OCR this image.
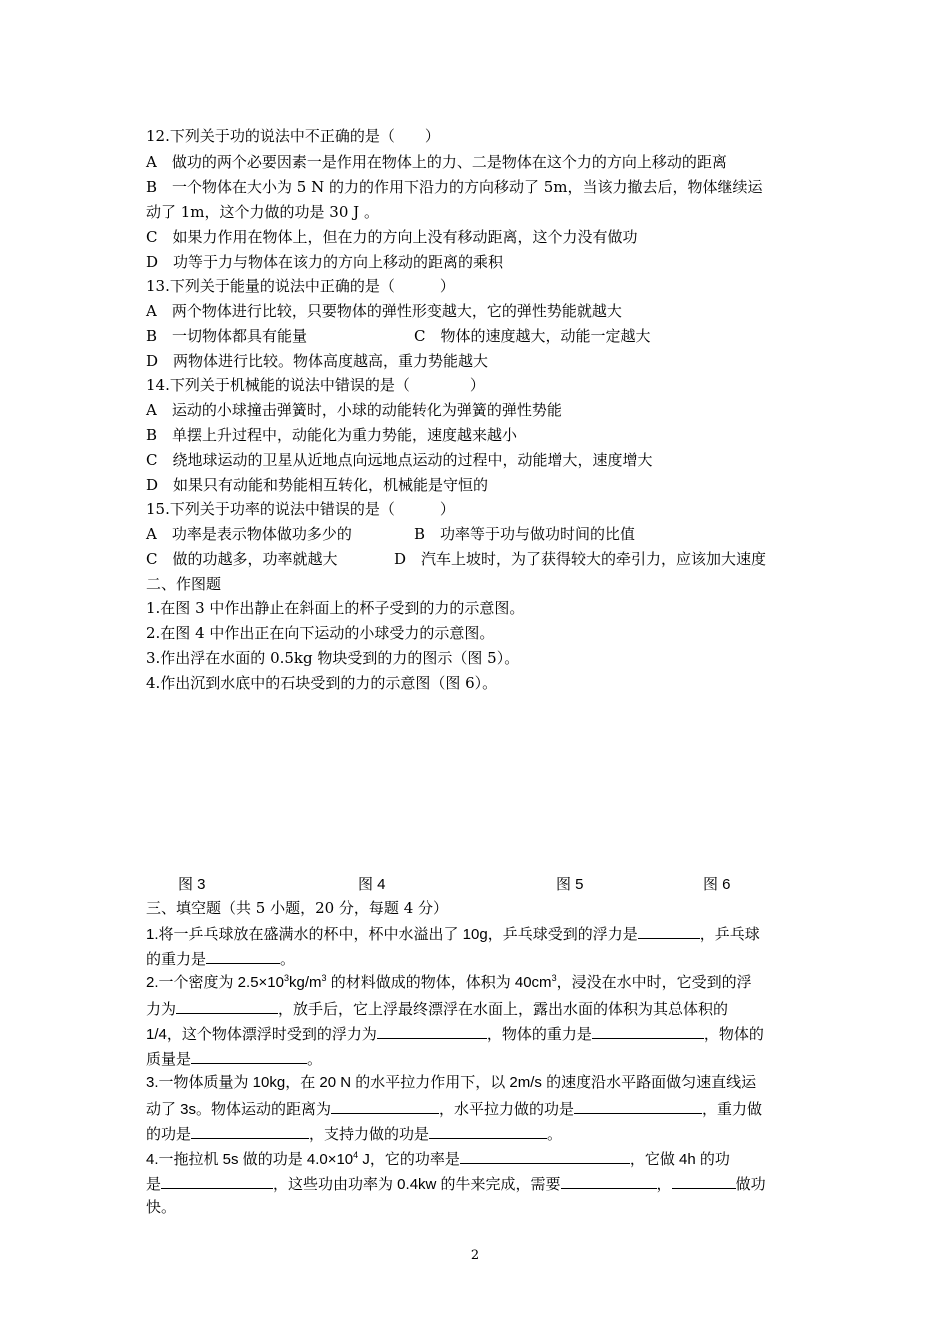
12.下列关于功的说法中不正确的是（　　）
A　做功的两个必要因素一是作用在物体上的力、二是物体在这个力的方向上移动的距离
B　一个物体在大小为 5 N 的力的作用下沿力的方向移动了 5m，当该力撤去后，物体继续运
动了 1m，这个力做的功是 30 J 。
C　如果力作用在物体上，但在力的方向上没有移动距离，这个力没有做功
D　功等于力与物体在该力的方向上移动的距离的乘积
13.下列关于能量的说法中正确的是（　　　）
A　两个物体进行比较，只要物体的弹性形变越大，它的弹性势能就越大
B　一切物体都具有能量	C　物体的速度越大，动能一定越大
D　两物体进行比较。物体高度越高，重力势能越大
14.下列关于机械能的说法中错误的是（　　　　）
A　运动的小球撞击弹簧时，小球的动能转化为弹簧的弹性势能
B　单摆上升过程中，动能化为重力势能，速度越来越小
C　绕地球运动的卫星从近地点向远地点运动的过程中，动能增大，速度增大
D　如果只有动能和势能相互转化，机械能是守恒的
15.下列关于功率的说法中错误的是（　　　）
A　功率是表示物体做功多少的	B　功率等于功与做功时间的比值
C　做的功越多，功率就越大	D　汽车上坡时，为了获得较大的牵引力，应该加大速度
二、作图题
1.在图 3 中作出静止在斜面上的杯子受到的力的示意图。
2.在图 4 中作出正在向下运动的小球受力的示意图。
3.作出浮在水面的 0.5kg 物块受到的力的图示（图 5）。
4.作出沉到水底中的石块受到的力的示意图（图 6）。
图 3	图 4	图 5	图 6
三、填空题（共 5 小题，20 分，每题 4 分）
1.将一乒乓球放在盛满水的杯中，杯中水溢出了 10g，乒乓球受到的浮力是	，乒乓球
的重力是	。
2.一个密度为 $2.5\times 10^3kg/m^3$ 的材料做成的物体，体积为 $40cm^3$，浸没在水中时，它受到的浮
力为	，放手后，它上浮最终漂浮在水面上，露出水面的体积为其总体积的
1/4，这个物体漂浮时受到的浮力为	，物体的重力是	，物体的
质量是	。
3.一物体质量为 10kg，在 20 N 的水平拉力作用下，以 2m/s 的速度沿水平路面做匀速直线运
动了 3s。物体运动的距离为	，水平拉力做的功是	，重力做
的功是	，支持力做的功是	。
4.一拖拉机 5s 做的功是 $4.0\times 10^4$ J，它的功率是	，它做 4h 的功
是	，这些功由功率为 0.4kw 的牛来完成，需要	，	做功
快。
2
